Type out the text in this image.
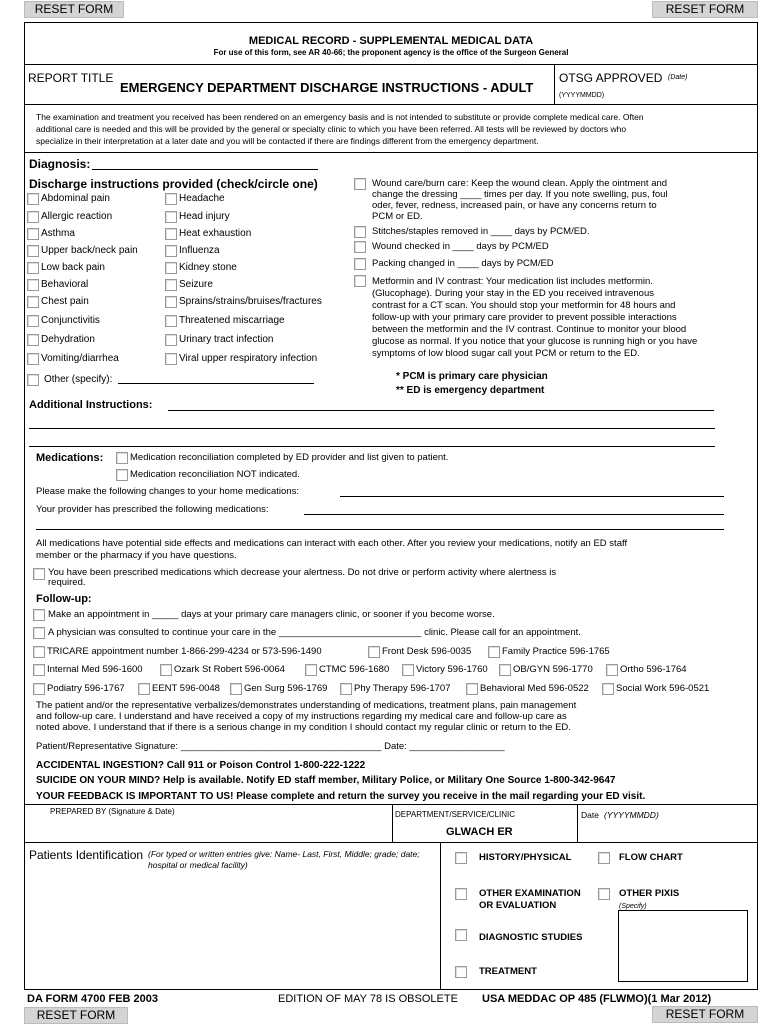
RESET FORM	RESET FORM
MEDICAL RECORD - SUPPLEMENTAL MEDICAL DATA
For use of this form, see AR 40-66; the proponent agency is the office of the Surgeon General
REPORT TITLE
EMERGENCY DEPARTMENT DISCHARGE INSTRUCTIONS - ADULT
OTSG APPROVED (Date)
(YYYYMMDD)
The examination and treatment you received has been rendered on an emergency basis and is not intended to substitute or provide complete medical care. Often
additional care is needed and this will be provided by the general or specialty clinic to which you have been referred. All tests will be reviewed by doctors who
specialize in their interpretation at a later date and you will be contacted if there are findings different from the emergency department.
Diagnosis:
Discharge instructions provided (check/circle one)
Abdominal pain
Allergic reaction
Asthma
Upper back/neck pain
Low back pain
Behavioral
Chest pain
Conjunctivitis
Dehydration
Vomiting/diarrhea
Headache
Head injury
Heat exhaustion
Influenza
Kidney stone
Seizure
Sprains/strains/bruises/fractures
Threatened miscarriage
Urinary tract infection
Viral upper respiratory infection
Other (specify):
Wound care/burn care: Keep the wound clean. Apply the ointment and
change the dressing ____ times per day. If you note swelling, pus, foul
oder, fever, redness, increased pain, or have any concerns return to
PCM or ED.
Stitches/staples removed in ____ days by PCM/ED.
Wound checked in ____ days by PCM/ED
Packing changed in ____ days by PCM/ED
Metformin and IV contrast: Your medication list includes metformin.
(Glucophage). During your stay in the ED you received intravenous
contrast for a CT scan. You should stop your metformin for 48 hours and
follow-up with your primary care provider to prevent possible interactions
between the metformin and the IV contrast. Continue to monitor your blood
glucose as normal. If you notice that your glucose is running high or you have
symptoms of low blood sugar call yout PCM or return to the ED.
* PCM is primary care physician
** ED is emergency department
Additional Instructions:
Medications:	Medication reconciliation completed by ED provider and list given to patient.
Medication reconciliation NOT indicated.
Please make the following changes to your home medications:
Your provider has prescribed the following medications:
All medications have potential side effects and medications can interact with each other. After you review your medications, notify an ED staff
member or the pharmacy if you have questions.
You have been prescribed medications which decrease your alertness. Do not drive or perform activity where alertness is
required.
Follow-up:
Make an appointment in _____ days at your primary care managers clinic, or sooner if you become worse.
A physician was consulted to continue your care in the ___________________________ clinic. Please call for an appointment.
TRICARE appointment number 1-866-299-4234 or 573-596-1490	Front Desk 596-0035	Family Practice 596-1765
Internal Med 596-1600	Ozark St Robert 596-0064	CTMC 596-1680	Victory 596-1760	OB/GYN 596-1770	Ortho 596-1764
Podiatry 596-1767	EENT 596-0048	Gen Surg 596-1769	Phy Therapy 596-1707	Behavioral Med 596-0522	Social Work 596-0521
The patient and/or the representative verbalizes/demonstrates understanding of medications, treatment plans, pain management
and follow-up care. I understand and have received a copy of my instructions regarding my medical care and follow-up care as
noted above. I understand that if there is a serious change in my condition I should contact my regular clinic or return to the ED.
Patient/Representative Signature: ______________________________________ Date: __________________
ACCIDENTAL INGESTION? Call 911 or Poison Control 1-800-222-1222
SUICIDE ON YOUR MIND? Help is available. Notify ED staff member, Military Police, or Military One Source 1-800-342-9647
YOUR FEEDBACK IS IMPORTANT TO US! Please complete and return the survey you receive in the mail regarding your ED visit.
PREPARED BY (Signature & Date)	DEPARTMENT/SERVICE/CLINIC
GLWACH ER
Date (YYYYMMDD)
Patients Identification (For typed or written entries give: Name- Last, First, Middle; grade; date;
hospital or medical facility)
HISTORY/PHYSICAL	FLOW CHART
OTHER EXAMINATION
OR EVALUATION
OTHER PIXIS
(Specify)
DIAGNOSTIC STUDIES
TREATMENT
DA FORM 4700 FEB 2003	EDITION OF MAY 78 IS OBSOLETE USA MEDDAC OP 485 (FLWMO)(1 Mar 2012)
RESET FORM	RESET FORM
